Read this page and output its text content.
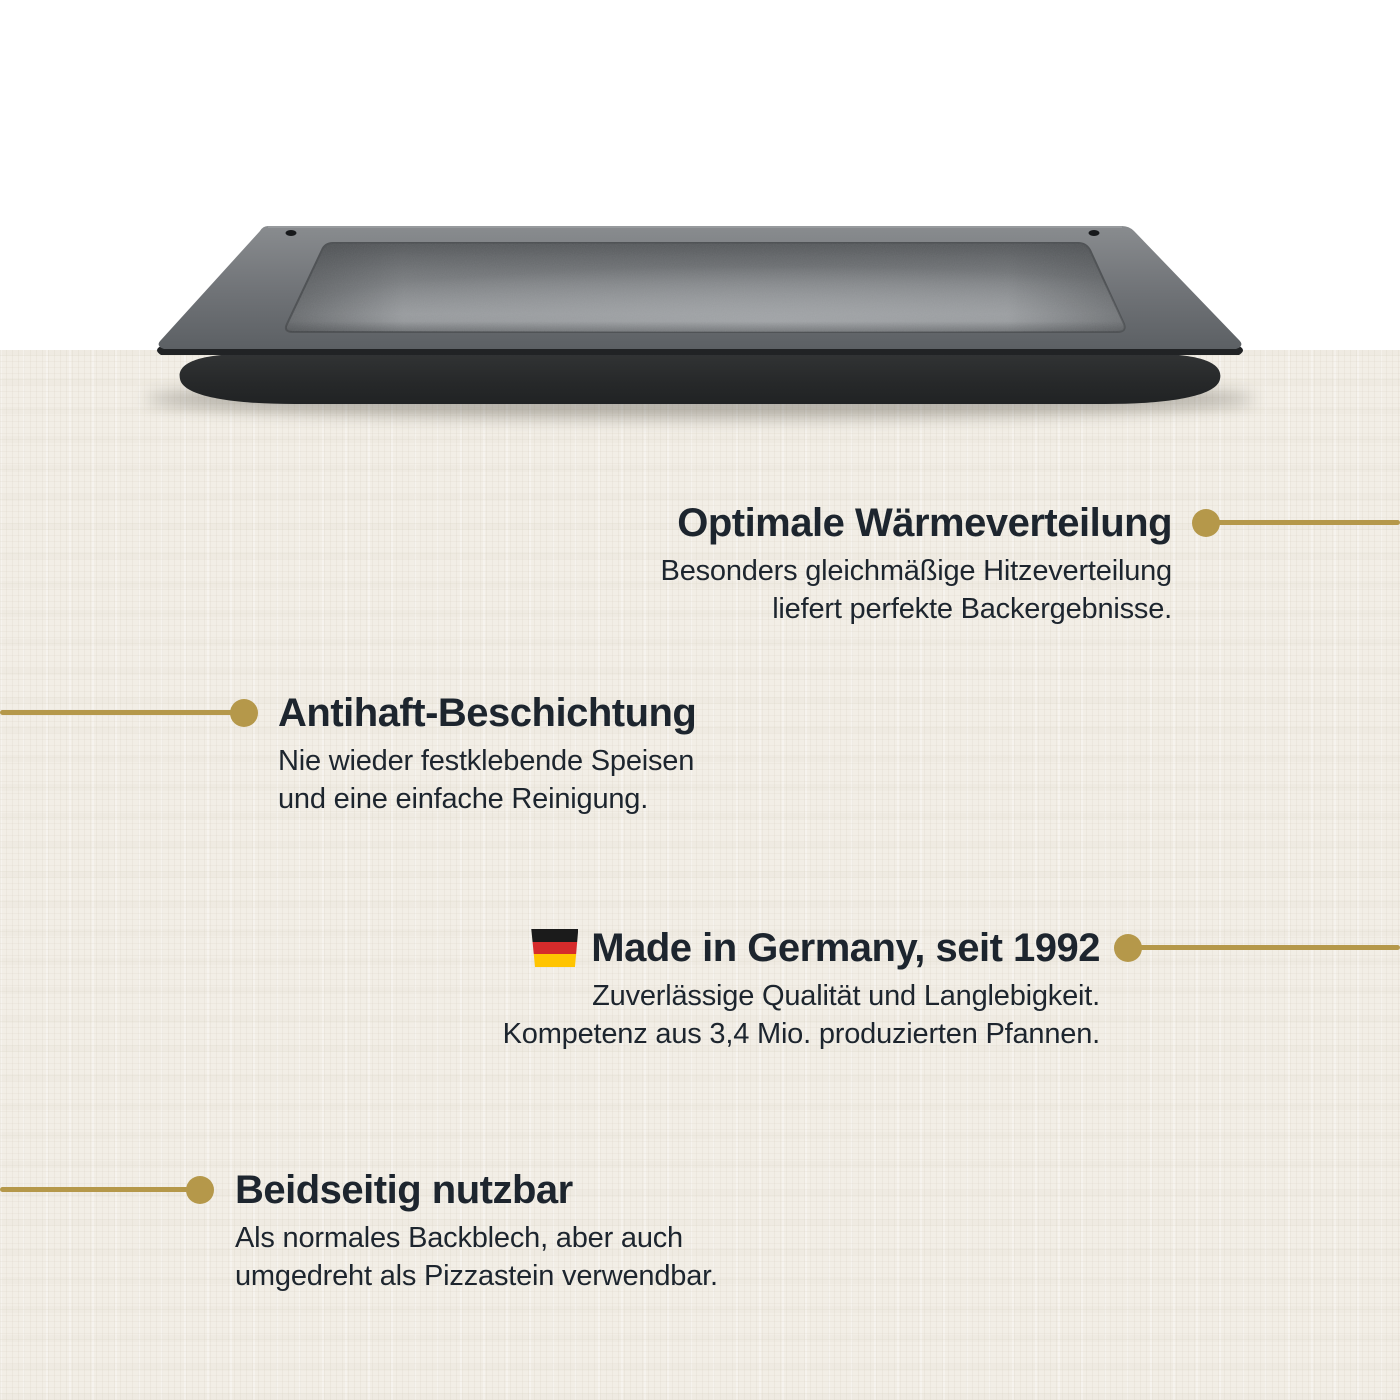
Optimale Wärmeverteilung
Besonders gleichmäßige Hitzeverteilung
liefert perfekte Backergebnisse.
Antihaft-Beschichtung
Nie wieder festklebende Speisen
und eine einfache Reinigung.
Made in Germany, seit 1992
Zuverlässige Qualität und Langlebigkeit.
Kompetenz aus 3,4 Mio. produzierten Pfannen.
Beidseitig nutzbar
Als normales Backblech, aber auch
umgedreht als Pizzastein verwendbar.
